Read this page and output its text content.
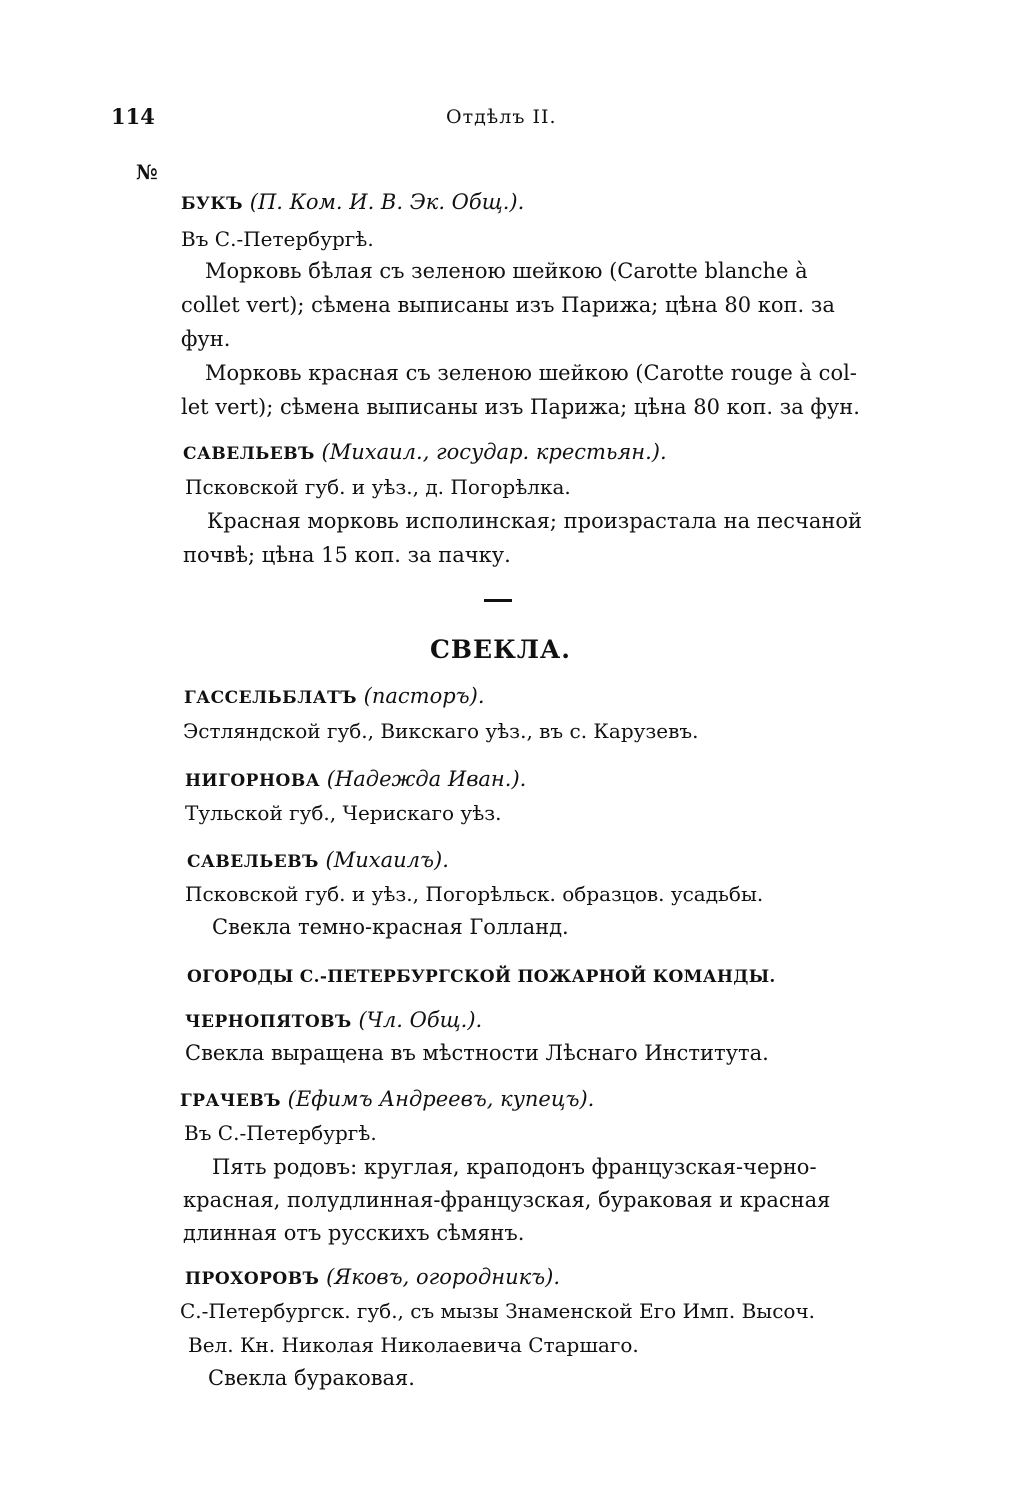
114	Отдѣлъ II.
№
БУКЪ (П. Ком. И. В. Эк. Общ.).
Въ С.-Петербургѣ.
Морковь бѣлая съ зеленою шейкою (Carotte blanche à
collet vert); сѣмена выписаны изъ Парижа; цѣна 80 коп. за
фун.
Морковь красная съ зеленою шейкою (Carotte rouge à col-
let vert); сѣмена выписаны изъ Парижа; цѣна 80 коп. за фун.
САВЕЛЬЕВЪ (Михаил., государ. крестьян.).
Псковской губ. и уѣз., д. Погорѣлка.
Красная морковь исполинская; произрастала на песчаной
почвѣ; цѣна 15 коп. за пачку.
СВЕКЛА.
ГАССЕЛЬБЛАТЪ (пасторъ).
Эстляндской губ., Викскаго уѣз., въ с. Карузевъ.
НИГОРНОВА (Надежда Иван.).
Тульской губ., Черискаго уѣз.
САВЕЛЬЕВЪ (Михаилъ).
Псковской губ. и уѣз., Погорѣльск. образцов. усадьбы.
Свекла темно-красная Голланд.
ОГОРОДЫ С.-ПЕТЕРБУРГСКОЙ ПОЖАРНОЙ КОМАНДЫ.
ЧЕРНОПЯТОВЪ (Чл. Общ.).
Свекла выращена въ мѣстности Лѣснаго Института.
ГРАЧЕВЪ (Ефимъ Андреевъ, купецъ).
Въ С.-Петербургѣ.
Пять родовъ: круглая, краподонъ французская-черно-
красная, полудлинная-французская, бураковая и красная
длинная отъ русскихъ сѣмянъ.
ПРОХОРОВЪ (Яковъ, огородникъ).
С.-Петербургск. губ., съ мызы Знаменской Его Имп. Высоч.
Вел. Кн. Николая Николаевича Старшаго.
Свекла бураковая.
